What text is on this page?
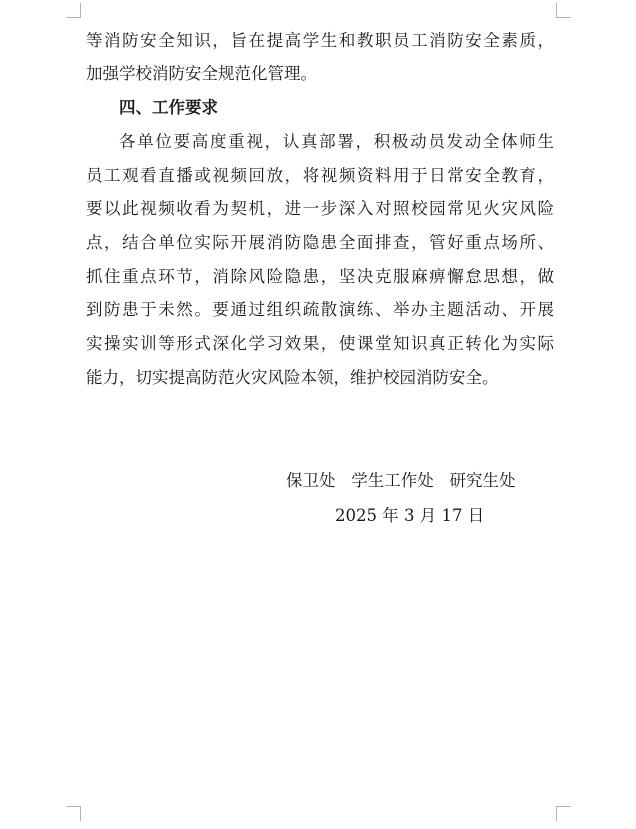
等消防安全知识，旨在提高学生和教职员工消防安全素质，
加强学校消防安全规范化管理。
四、工作要求
各单位要高度重视，认真部署，积极动员发动全体师生
员工观看直播或视频回放，将视频资料用于日常安全教育，
要以此视频收看为契机，进一步深入对照校园常见火灾风险
点，结合单位实际开展消防隐患全面排查，管好重点场所、
抓住重点环节，消除风险隐患，坚决克服麻痹懈怠思想，做
到防患于未然。要通过组织疏散演练、举办主题活动、开展
实操实训等形式深化学习效果，使课堂知识真正转化为实际
能力，切实提高防范火灾风险本领，维护校园消防安全。
保卫处   学生工作处   研究生处
2025 年 3 月 17 日
